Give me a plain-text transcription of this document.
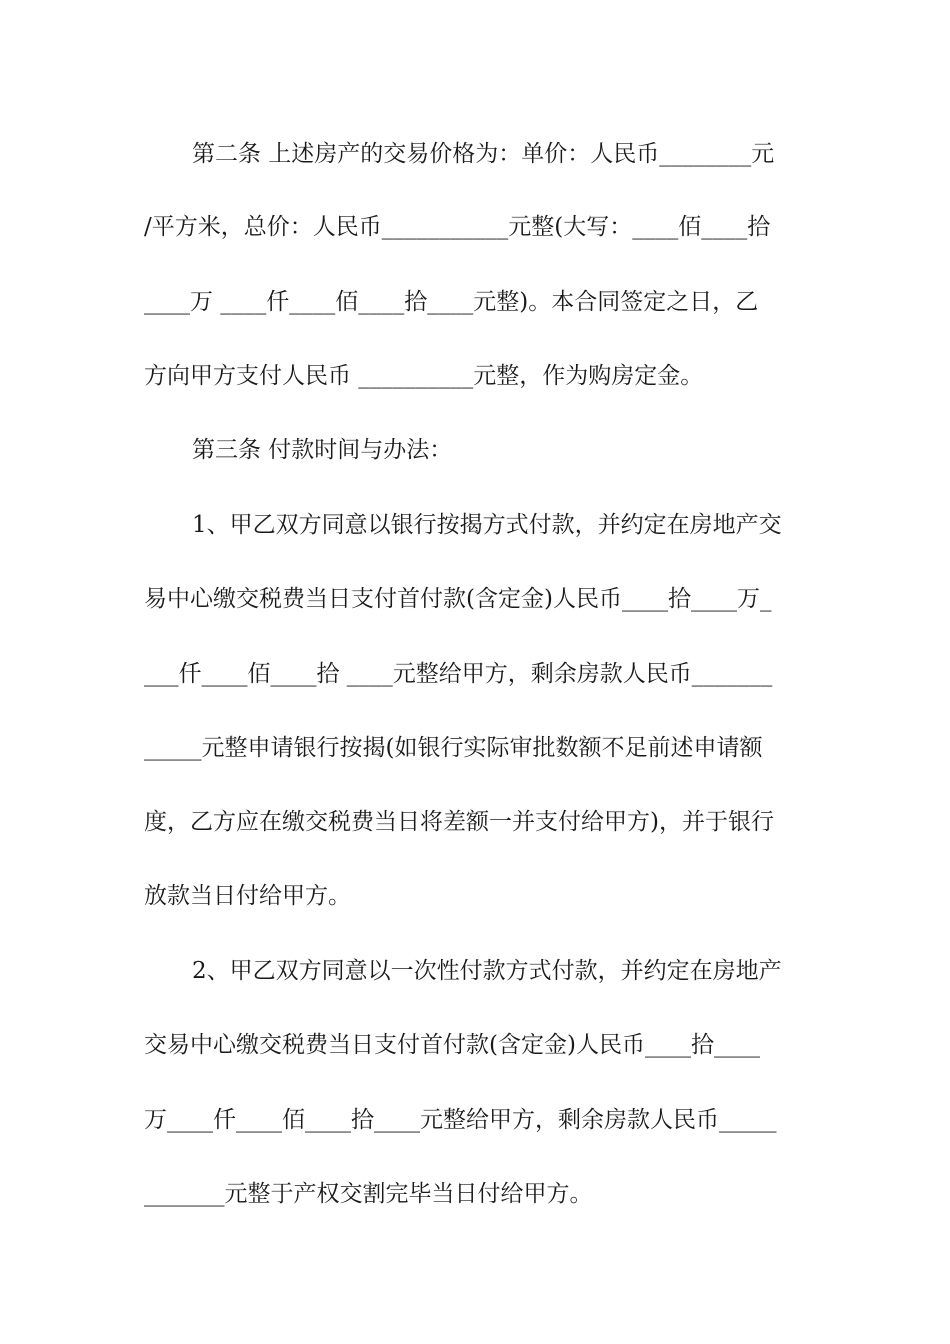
第二条 上述房产的交易价格为：单价：人民币________元
/平方米，总价：人民币___________元整(大写：____佰____拾
____万 ____仟____佰____拾____元整)。本合同签定之日，乙
方向甲方支付人民币 __________元整，作为购房定金。
第三条 付款时间与办法：
1、甲乙双方同意以银行按揭方式付款，并约定在房地产交
易中心缴交税费当日支付首付款(含定金)人民币____拾____万_
___仟____佰____拾 ____元整给甲方，剩余房款人民币_______
_____元整申请银行按揭(如银行实际审批数额不足前述申请额
度，乙方应在缴交税费当日将差额一并支付给甲方)，并于银行
放款当日付给甲方。
2、甲乙双方同意以一次性付款方式付款，并约定在房地产
交易中心缴交税费当日支付首付款(含定金)人民币____拾____
万____仟____佰____拾____元整给甲方，剩余房款人民币_____
_______元整于产权交割完毕当日付给甲方。
